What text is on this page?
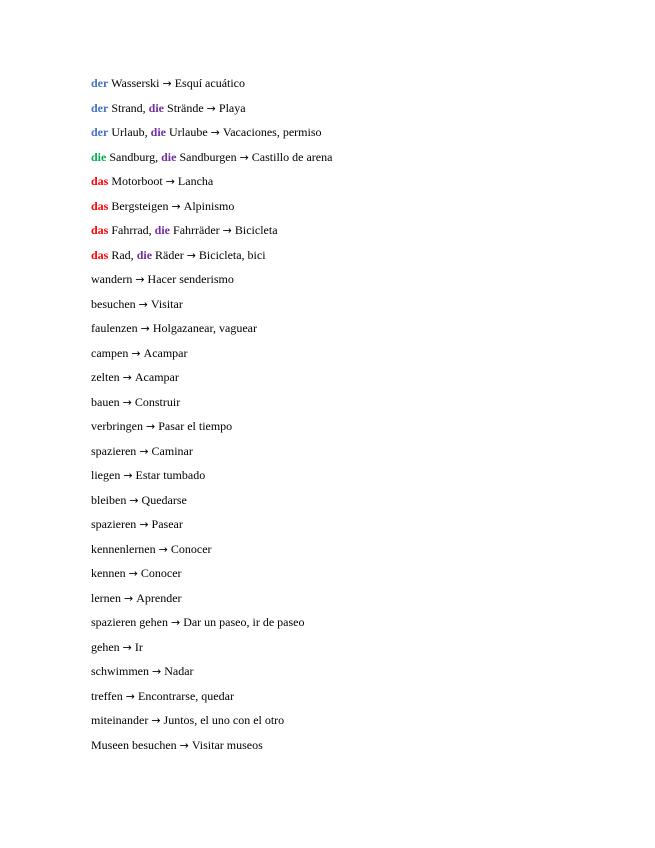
der Wasserski → Esquí acuático
der Strand, die Strände → Playa
der Urlaub, die Urlaube → Vacaciones, permiso
die Sandburg, die Sandburgen → Castillo de arena
das Motorboot → Lancha
das Bergsteigen → Alpinismo
das Fahrrad, die Fahrräder → Bicicleta
das Rad, die Räder → Bicicleta, bici
wandern → Hacer senderismo
besuchen → Visitar
faulenzen → Holgazanear, vaguear
campen → Acampar
zelten → Acampar
bauen → Construir
verbringen → Pasar el tiempo
spazieren → Caminar
liegen → Estar tumbado
bleiben → Quedarse
spazieren → Pasear
kennenlernen → Conocer
kennen → Conocer
lernen → Aprender
spazieren gehen → Dar un paseo, ir de paseo
gehen → Ir
schwimmen → Nadar
treffen → Encontrarse, quedar
miteinander → Juntos, el uno con el otro
Museen besuchen → Visitar museos
